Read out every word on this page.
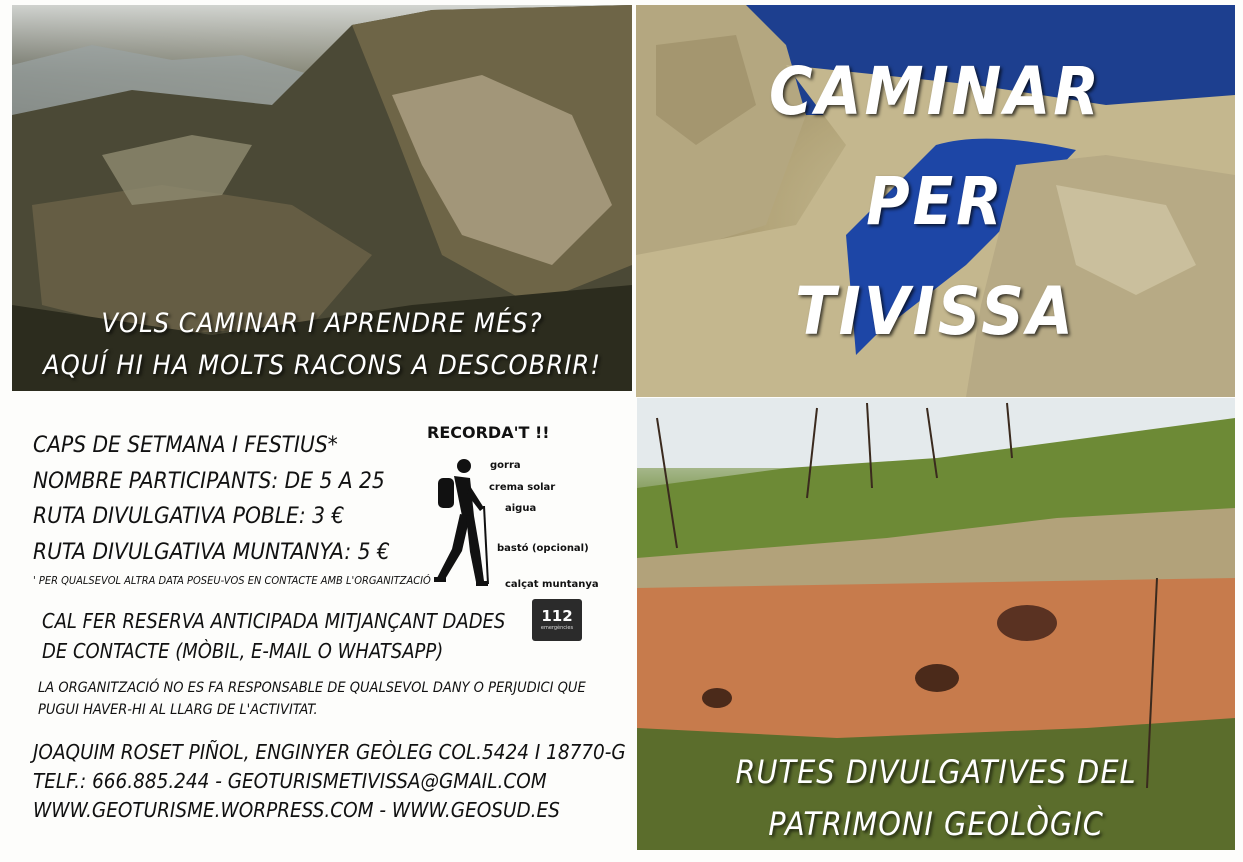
VOLS CAMINAR I APRENDRE MÉS?
AQUÍ HI HA MOLTS RACONS A DESCOBRIR!
CAMINAR
PER
TIVISSA
RUTES DIVULGATIVES DEL
PATRIMONI GEOLÒGIC
CAPS DE SETMANA I FESTIUS*
NOMBRE PARTICIPANTS: DE 5 A 25
RUTA DIVULGATIVA POBLE: 3 €
RUTA DIVULGATIVA MUNTANYA: 5 €
' PER QUALSEVOL ALTRA DATA POSEU-VOS EN CONTACTE AMB L'ORGANITZACIÓ
CAL FER RESERVA ANTICIPADA MITJANÇANT DADES
DE CONTACTE (MÒBIL, E-MAIL O WHATSAPP)
LA ORGANITZACIÓ NO ES FA RESPONSABLE DE QUALSEVOL DANY O PERJUDICI QUE
PUGUI HAVER-HI AL LLARG DE L'ACTIVITAT.
JOAQUIM ROSET PIÑOL, ENGINYER GEÒLEG COL.5424 I 18770-G
TELF.: 666.885.244 - GEOTURISMETIVISSA@GMAIL.COM
WWW.GEOTURISME.WORPRESS.COM - WWW.GEOSUD.ES
RECORDA'T !!
gorra
crema solar
aigua
bastó (opcional)
calçat muntanya
112
emergències
